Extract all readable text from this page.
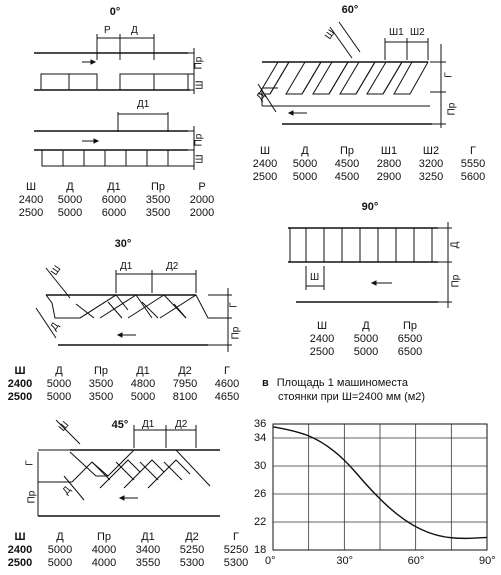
0°	60°
30°
90°
45°
Р Д
Д1
Пр
Ш
Пр
Ш
Ш	Ш1 Ш2
Д
Г
Пр
Д1	Д2
Ш
Д
Г
Пр
Д
Пр
Ш
Ш	Д1 Д2
Д
Г
Пр
Ш	Д	Д1	Пр	Р
2400 5000 6000 3500 2000
2500 5000 6000 3500 2000
Ш	Д	Пр Ш1 Ш2	Г
2400 5000 4500 2800 3200 5550
2500 5000 4500 2900 3250 5600
Ш	Д	Пр	Д1	Д2	Г
2400 5000 3500 4800 7950 4600
2500 5000 3500 5000 8100 4650
Ш	Д	Пр
2400 5000 6500
2500 5000 6500
Ш	Д	Пр	Д1	Д2	Г
2400 5000 4000 3400 5250 5250
2500 5000 4000 3550 5300 5300
в Площадь 1 машиноместа
стоянки при Ш=2400 мм (м2)
0°	30°	60°	90°
18
22
26
30
34
36
